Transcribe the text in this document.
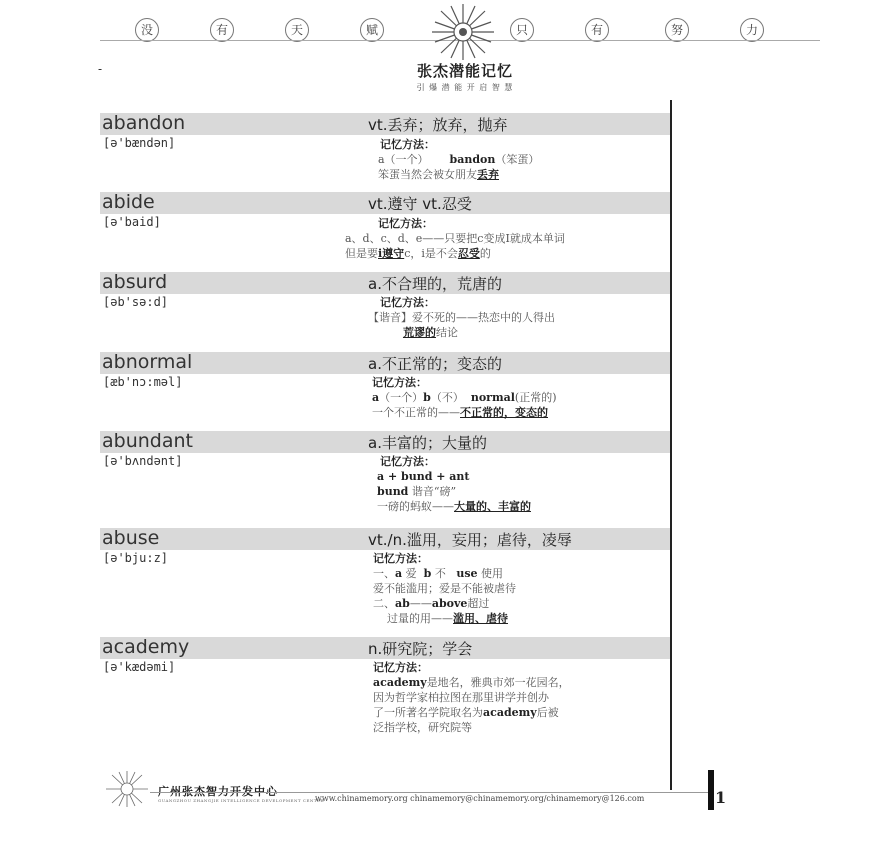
没	有	天	赋	只	有	努	力
-	张杰潜能记忆
引 爆 潜 能 开 启 智 慧
abandon	vt.丢弃；放弃，抛弃
[ə'bændən]
abide	vt.遵守 vt.忍受
[ə'baid]
absurd	a.不合理的，荒唐的
[əb'sə:d]
abnormal	a.不正常的；变态的
[æb'nɔ:məl]
abundant	a.丰富的；大量的
[ə'bʌndənt]
abuse	vt./n.滥用，妄用；虐待，凌辱
[ə'bju:z]
academy	n.研究院；学会
[ə'kædəmi]
广州张杰智力开发中心
GUANGZHOU ZHANGJIE INTELLIGENCE DEVELOPMENT CENTER
www.chinamemory.org chinamemory@chinamemory.org/chinamemory@126.com	1
记忆方法：
a（一个）      bandon（笨蛋）
笨蛋当然会被女朋友丢弃
记忆方法：
a、d、c、d、e——只要把c变成I就成本单词
但是要i遵守c，i是不会忍受的
记忆方法：
【谐音】爱不死的——热恋中的人得出
荒谬的结论
记忆方法：
a（一个）b（不）  normal(正常的)
一个不正常的——不正常的，变态的
记忆方法：
a + bund + ant
bund 谐音“磅”
一磅的蚂蚁——大量的、丰富的
记忆方法：
一、a 爱  b 不   use 使用
爱不能滥用；爱是不能被虐待
二、ab——above超过
过量的用——滥用、虐待
记忆方法：
academy是地名，雅典市郊一花园名，
因为哲学家柏拉图在那里讲学并创办
了一所著名学院取名为academy后被
泛指学校，研究院等
